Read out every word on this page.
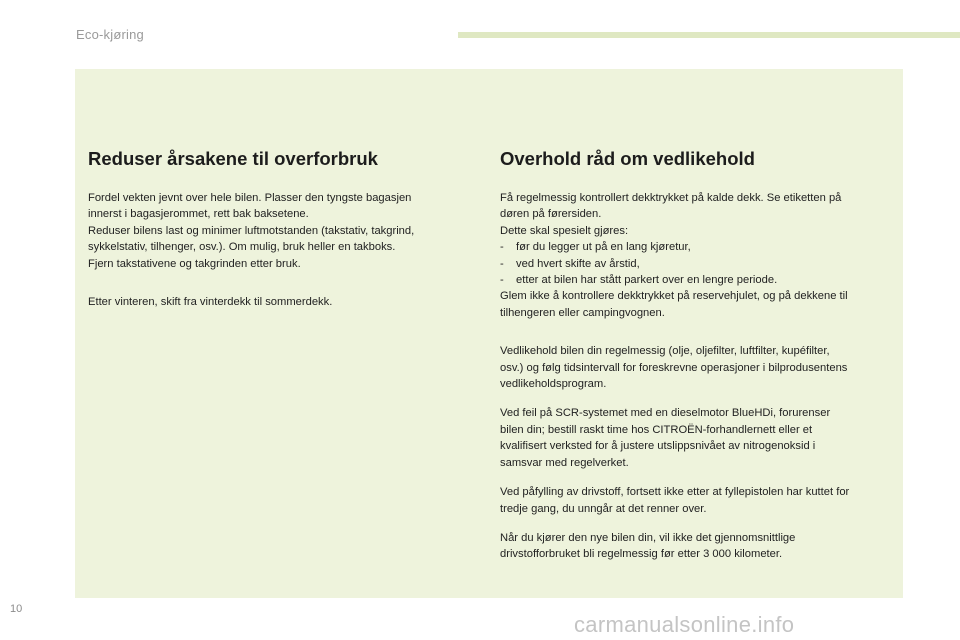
Eco-kjøring
Reduser årsakene til overforbruk

Fordel vekten jevnt over hele bilen. Plasser den tyngste bagasjen
innerst i bagasjerommet, rett bak baksetene.
Reduser bilens last og minimer luftmotstanden (takstativ, takgrind,
sykkelstativ, tilhenger, osv.). Om mulig, bruk heller en takboks.
Fjern takstativene og takgrinden etter bruk.

Etter vinteren, skift fra vinterdekk til sommerdekk.

Overhold råd om vedlikehold

Få regelmessig kontrollert dekktrykket på kalde dekk. Se etiketten på
døren på førersiden.
Dette skal spesielt gjøres:
- før du legger ut på en lang kjøretur,
- ved hvert skifte av årstid,
- etter at bilen har stått parkert over en lengre periode.
Glem ikke å kontrollere dekktrykket på reservehjulet, og på dekkene til
tilhengeren eller campingvognen.

Vedlikehold bilen din regelmessig (olje, oljefilter, luftfilter, kupéfilter,
osv.) og følg tidsintervall for foreskrevne operasjoner i bilprodusentens
vedlikeholdsprogram.

Ved feil på SCR-systemet med en dieselmotor BlueHDi, forurenser
bilen din; bestill raskt time hos CITROËN-forhandlernett eller et
kvalifisert verksted for å justere utslippsnivået av nitrogenoksid i
samsvar med regelverket.

Ved påfylling av drivstoff, fortsett ikke etter at fyllepistolen har kuttet for
tredje gang, du unngår at det renner over.

Når du kjører den nye bilen din, vil ikke det gjennomsnittlige
drivstofforbruket bli regelmessig før etter 3 000 kilometer.

10
carmanualsonline.info
